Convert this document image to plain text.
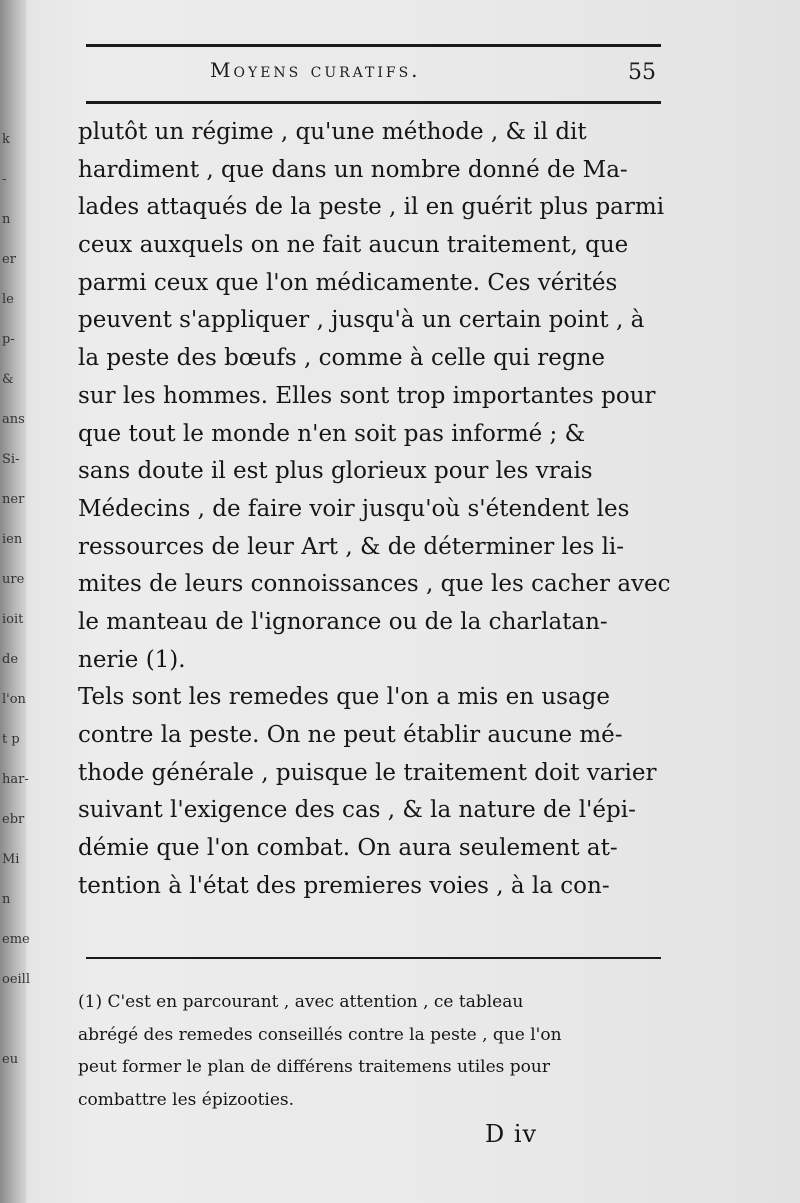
k
-
n
er
le
p-
&
ans
Si-
ner
ien
ure
ioit
de
l'on
t p
har-
ebr
Mi
n
eme
oeill
eu
Moyens curatifs.	55
plutôt un régime , qu'une méthode , & il dit
hardiment , que dans un nombre donné de Ma-
lades attaqués de la peste , il en guérit plus parmi
ceux auxquels on ne fait aucun traitement, que
parmi ceux que l'on médicamente. Ces vérités
peuvent s'appliquer , jusqu'à un certain point , à
la peste des bœufs , comme à celle qui regne
sur les hommes. Elles sont trop importantes pour
que tout le monde n'en soit pas informé ; &
sans doute il est plus glorieux pour les vrais
Médecins , de faire voir jusqu'où s'étendent les
ressources de leur Art , & de déterminer les li-
mites de leurs connoissances , que les cacher avec
le manteau de l'ignorance ou de la charlatan-
nerie (1).
Tels sont les remedes que l'on a mis en usage
contre la peste. On ne peut établir aucune mé-
thode générale , puisque le traitement doit varier
suivant l'exigence des cas , & la nature de l'épi-
démie que l'on combat. On aura seulement at-
tention à l'état des premieres voies , à la con-
(1) C'est en parcourant , avec attention , ce tableau
abrégé des remedes conseillés contre la peste , que l'on
peut former le plan de différens traitemens utiles pour
combattre les épizooties.
D iv
